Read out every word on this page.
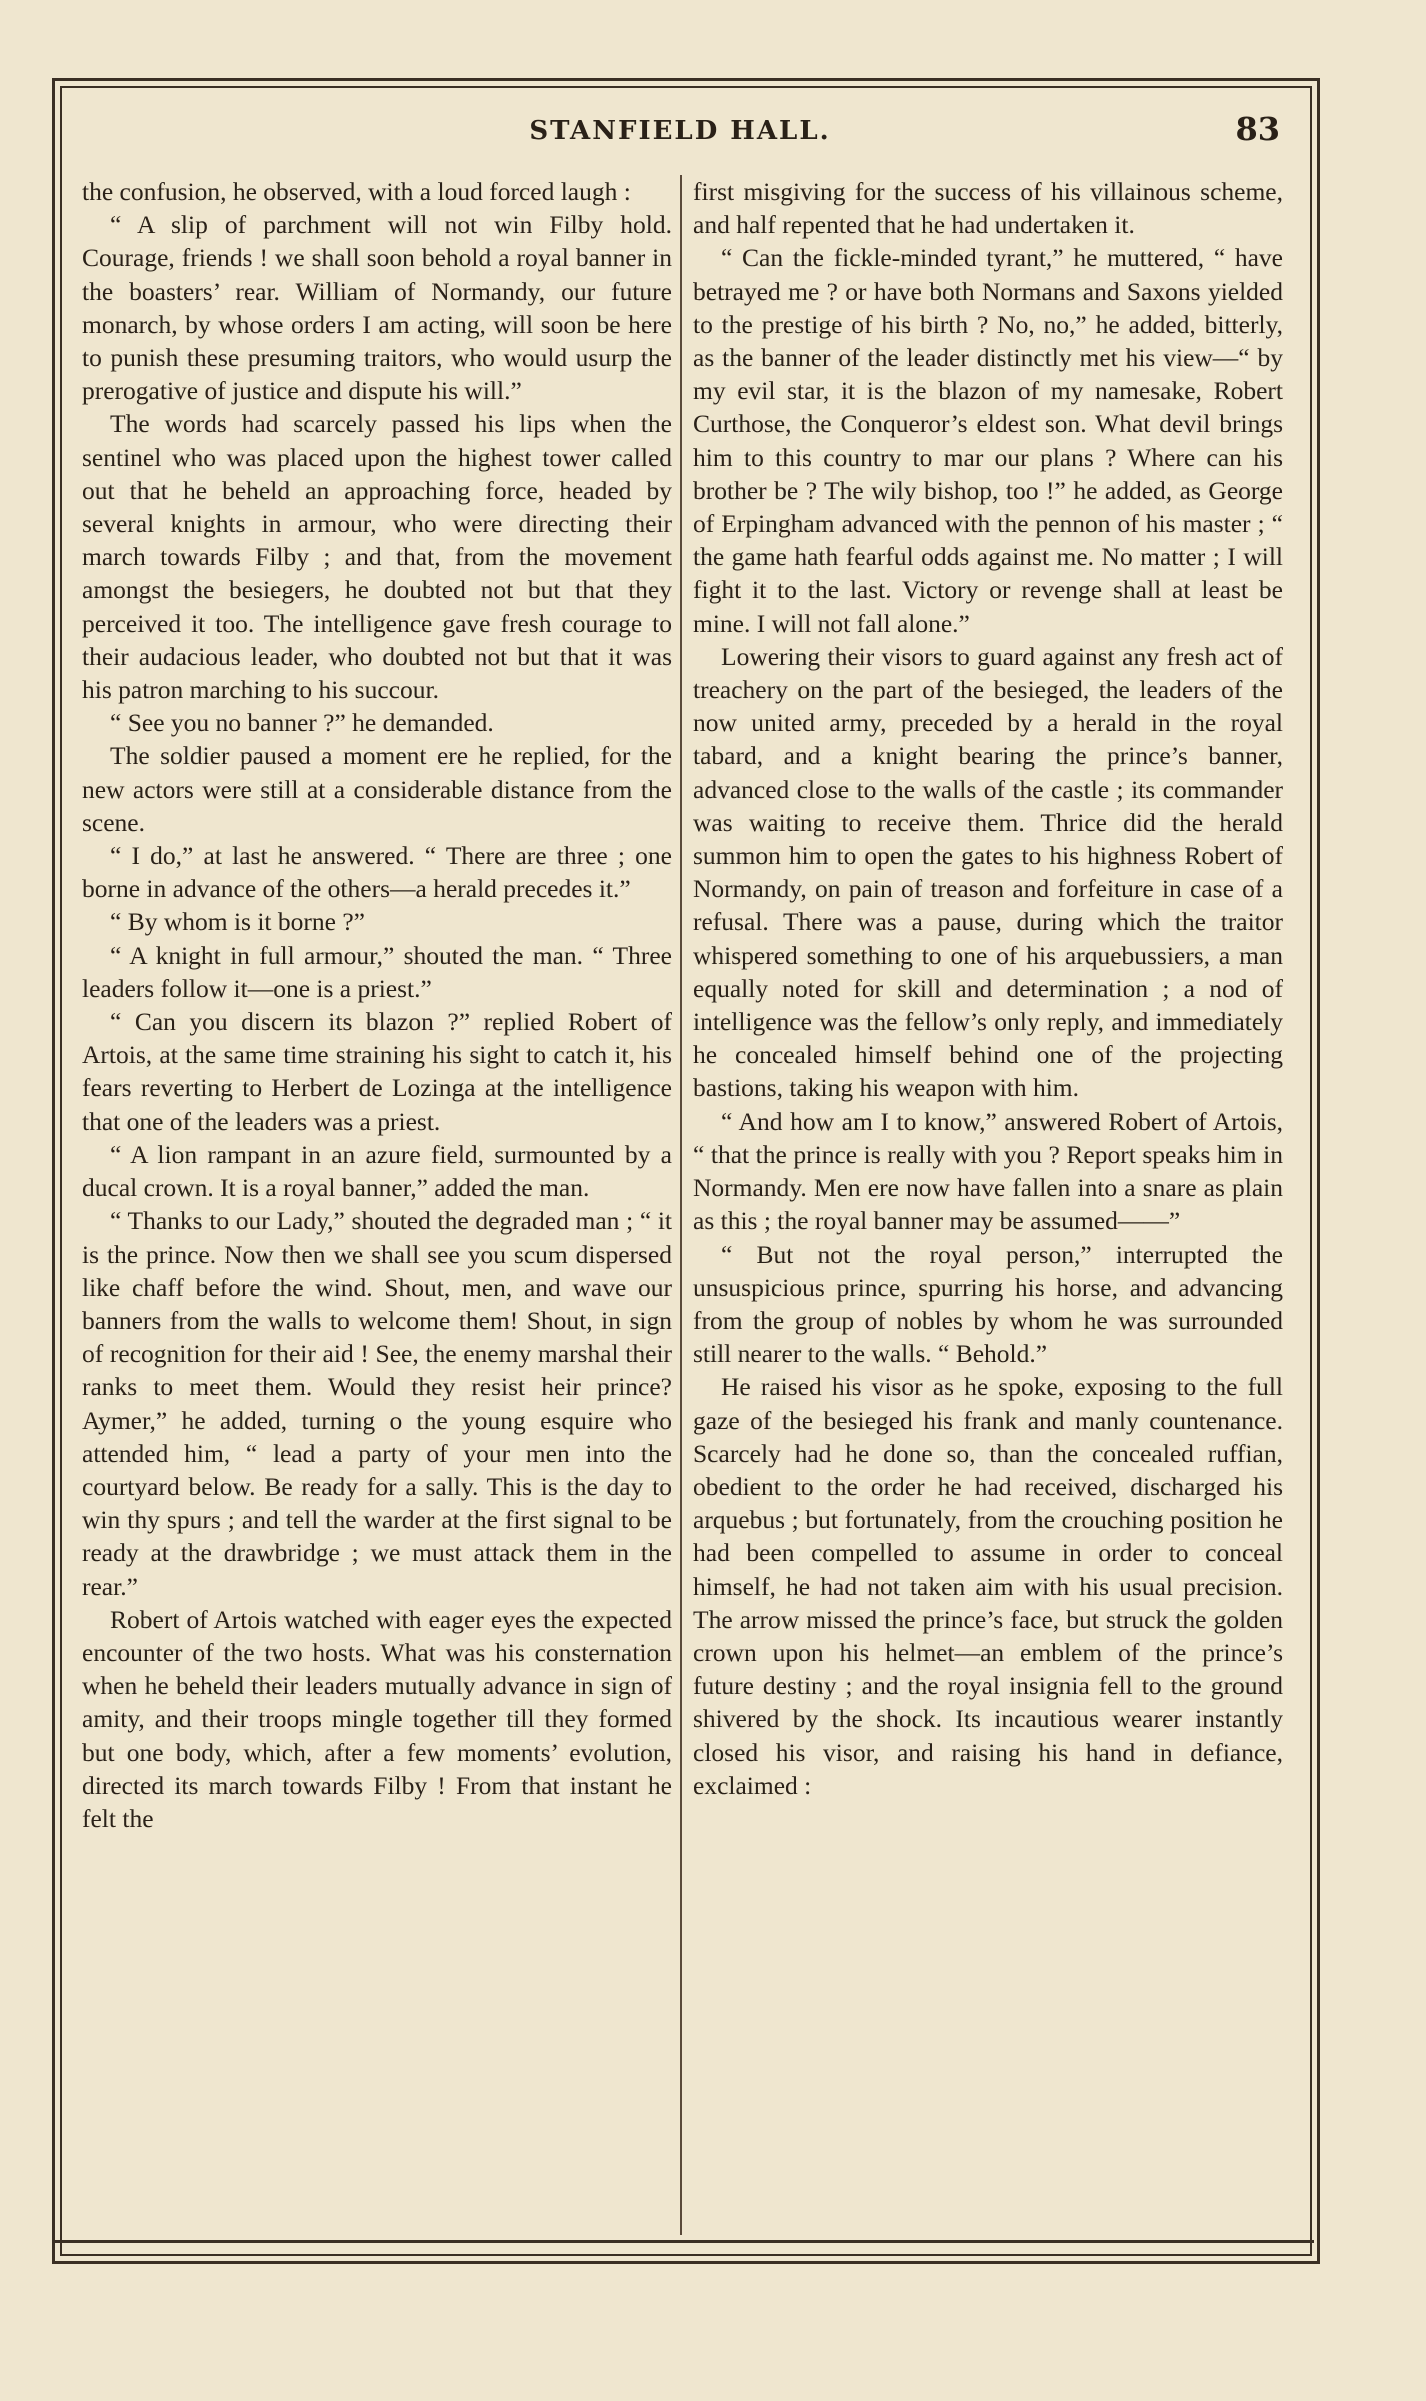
STANFIELD HALL.	83

the confusion, he observed, with a loud forced laugh :

“ A slip of parchment will not win Filby hold. Courage, friends ! we shall soon behold a royal banner in the boasters’ rear. William of Normandy, our future monarch, by whose orders I am acting, will soon be here to punish these presuming traitors, who would usurp the prerogative of justice and dispute his will.”

The words had scarcely passed his lips when the sentinel who was placed upon the highest tower called out that he beheld an approaching force, headed by several knights in armour, who were directing their march towards Filby ; and that, from the movement amongst the besiegers, he doubted not but that they perceived it too. The intelligence gave fresh courage to their audacious leader, who doubted not but that it was his patron marching to his succour.

“ See you no banner ?” he demanded.

The soldier paused a moment ere he replied, for the new actors were still at a considerable distance from the scene.

“ I do,” at last he answered. “ There are three ; one borne in advance of the others—a herald precedes it.”

“ By whom is it borne ?”

“ A knight in full armour,” shouted the man. “ Three leaders follow it—one is a priest.”

“ Can you discern its blazon ?” replied Robert of Artois, at the same time straining his sight to catch it, his fears reverting to Herbert de Lozinga at the intelligence that one of the leaders was a priest.

“ A lion rampant in an azure field, surmounted by a ducal crown. It is a royal banner,” added the man.

“ Thanks to our Lady,” shouted the degraded man ; “ it is the prince. Now then we shall see you scum dispersed like chaff before the wind. Shout, men, and wave our banners from the walls to welcome them! Shout, in sign of recognition for their aid ! See, the enemy marshal their ranks to meet them. Would they resist heir prince? Aymer,” he added, turning o the young esquire who attended him, “ lead a party of your men into the courtyard below. Be ready for a sally. This is the day to win thy spurs ; and tell the warder at the first signal to be ready at the drawbridge ; we must attack them in the rear.”

Robert of Artois watched with eager eyes the expected encounter of the two hosts. What was his consternation when he beheld their leaders mutually advance in sign of amity, and their troops mingle together till they formed but one body, which, after a few moments’ evolution, directed its march towards Filby ! From that instant he felt the

first misgiving for the success of his villainous scheme, and half repented that he had undertaken it.

“ Can the fickle-minded tyrant,” he muttered, “ have betrayed me ? or have both Normans and Saxons yielded to the prestige of his birth ? No, no,” he added, bitterly, as the banner of the leader distinctly met his view—“ by my evil star, it is the blazon of my namesake, Robert Curthose, the Conqueror’s eldest son. What devil brings him to this country to mar our plans ? Where can his brother be ? The wily bishop, too !” he added, as George of Erpingham advanced with the pennon of his master ; “ the game hath fearful odds against me. No matter ; I will fight it to the last. Victory or revenge shall at least be mine. I will not fall alone.”

Lowering their visors to guard against any fresh act of treachery on the part of the besieged, the leaders of the now united army, preceded by a herald in the royal tabard, and a knight bearing the prince’s banner, advanced close to the walls of the castle ; its commander was waiting to receive them. Thrice did the herald summon him to open the gates to his highness Robert of Normandy, on pain of treason and forfeiture in case of a refusal. There was a pause, during which the traitor whispered something to one of his arquebussiers, a man equally noted for skill and determination ; a nod of intelligence was the fellow’s only reply, and immediately he concealed himself behind one of the projecting bastions, taking his weapon with him.

“ And how am I to know,” answered Robert of Artois, “ that the prince is really with you ? Report speaks him in Normandy. Men ere now have fallen into a snare as plain as this ; the royal banner may be assumed——”

“ But not the royal person,” interrupted the unsuspicious prince, spurring his horse, and advancing from the group of nobles by whom he was surrounded still nearer to the walls. “ Behold.”

He raised his visor as he spoke, exposing to the full gaze of the besieged his frank and manly countenance. Scarcely had he done so, than the concealed ruffian, obedient to the order he had received, discharged his arquebus ; but fortunately, from the crouching position he had been compelled to assume in order to conceal himself, he had not taken aim with his usual precision. The arrow missed the prince’s face, but struck the golden crown upon his helmet—an emblem of the prince’s future destiny ; and the royal insignia fell to the ground shivered by the shock. Its incautious wearer instantly closed his visor, and raising his hand in defiance, exclaimed :
